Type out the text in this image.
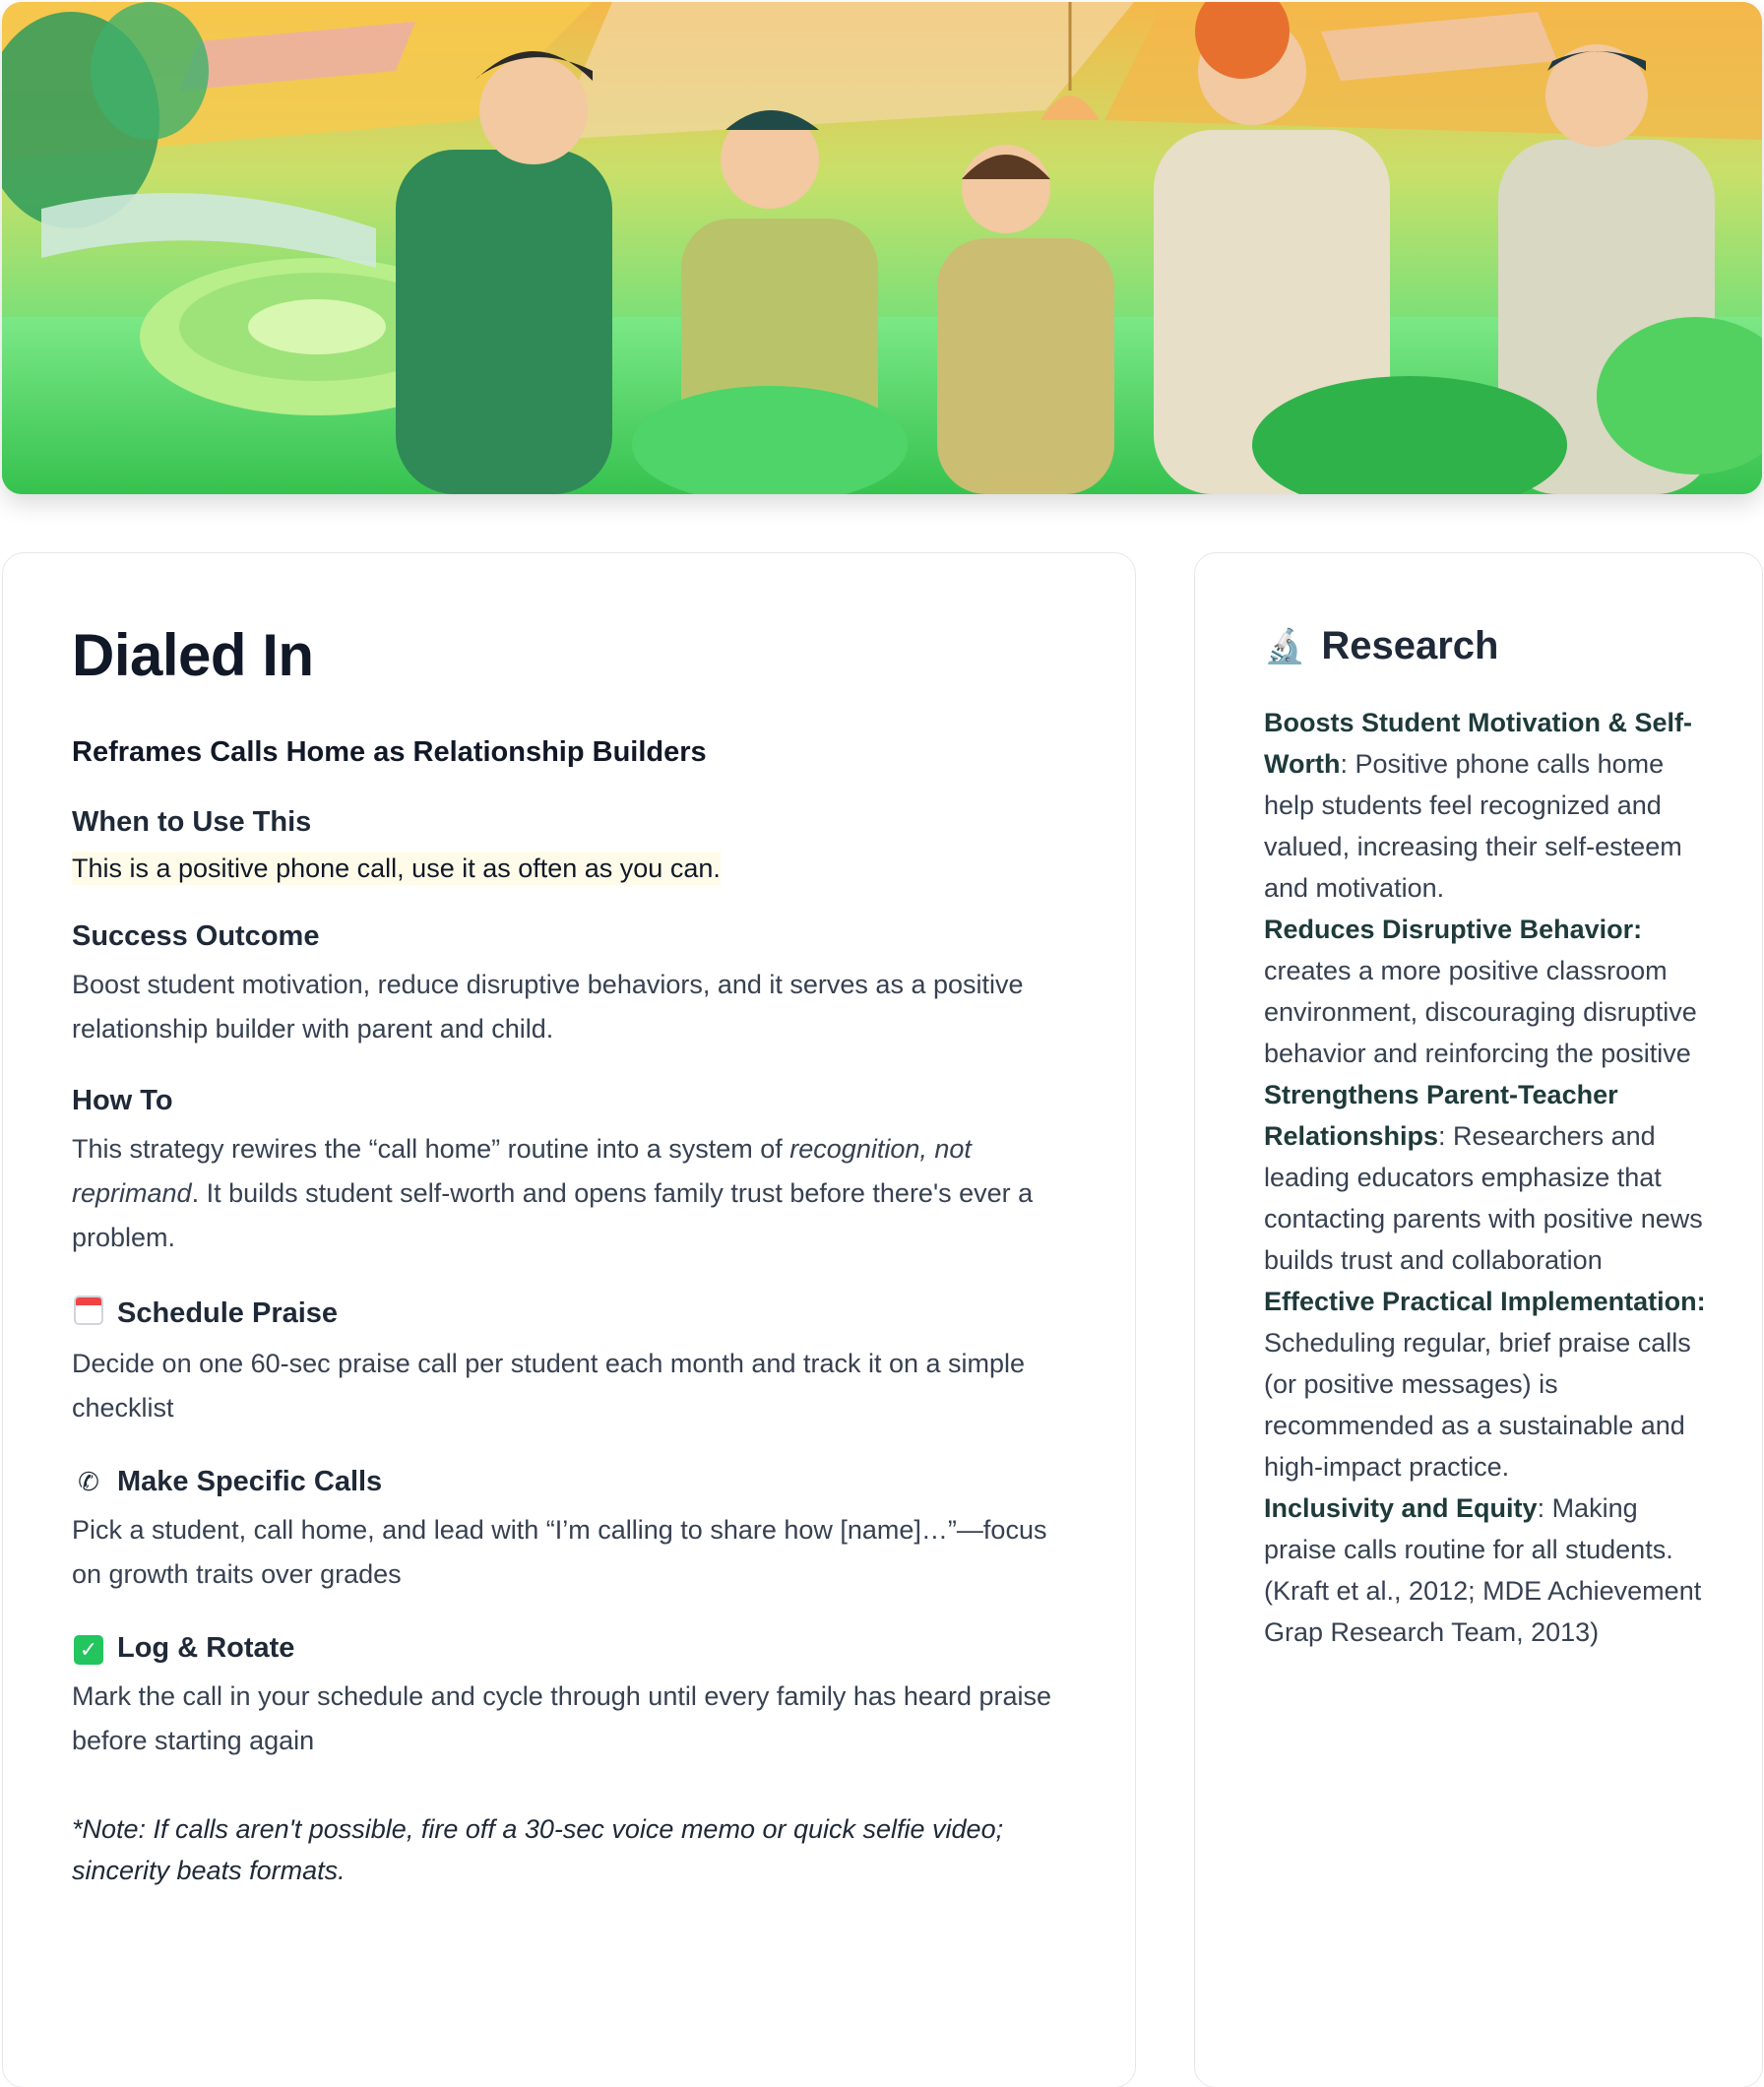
Dialed In
Reframes Calls Home as Relationship Builders
When to Use This
This is a positive phone call, use it as often as you can.
Success Outcome
Boost student motivation, reduce disruptive behaviors, and it serves as a positive relationship builder with parent and child.
How To
This strategy rewires the “call home” routine into a system of recognition, not reprimand. It builds student self-worth and opens family trust before there's ever a problem.
Schedule Praise
Decide on one 60-sec praise call per student each month and track it on a simple checklist
✆ Make Specific Calls
Pick a student, call home, and lead with “I’m calling to share how [name]…”—focus on growth traits over grades
✓ Log & Rotate
Mark the call in your schedule and cycle through until every family has heard praise before starting again
*Note: If calls aren't possible, fire off a 30-sec voice memo or quick selfie video; sincerity beats formats.
🔬 Research
Boosts Student Motivation & Self-Worth: Positive phone calls home help students feel recognized and valued, increasing their self-esteem and motivation.
Reduces Disruptive Behavior: creates a more positive classroom environment, discouraging disruptive behavior and reinforcing the positive
Strengthens Parent-Teacher Relationships: Researchers and leading educators emphasize that contacting parents with positive news builds trust and collaboration
Effective Practical Implementation: Scheduling regular, brief praise calls (or positive messages) is recommended as a sustainable and high-impact practice.
Inclusivity and Equity: Making praise calls routine for all students.
(Kraft et al., 2012; MDE Achievement Grap Research Team, 2013)
